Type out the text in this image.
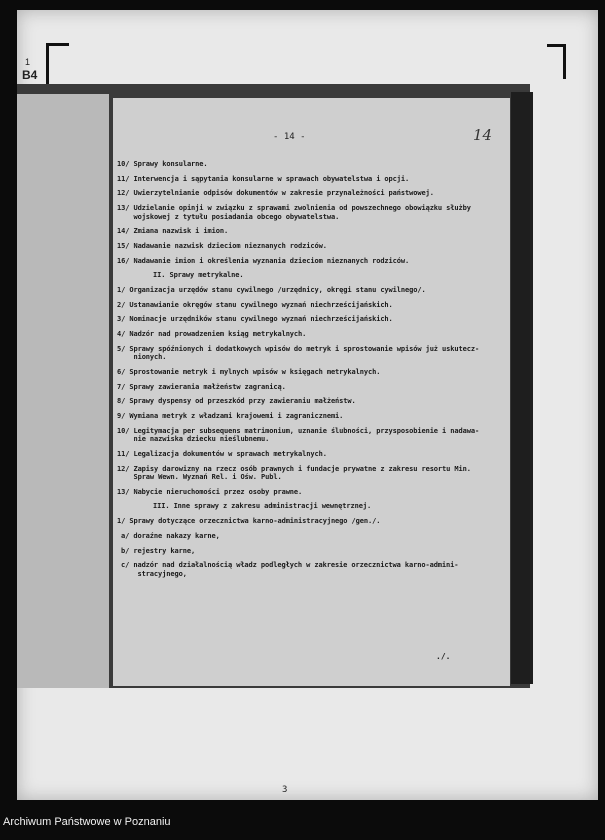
1
B4
- 14 -	14
10/ Sprawy konsularne.
11/ Interwencja i sąpytania konsularne w sprawach obywatelstwa i opcji.
12/ Uwierzytelnianie odpisów dokumentów w zakresie przynależności państwowej.
13/ Udzielanie opinji w związku z sprawami zwolnienia od powszechnego obowiązku służby
wojskowej z tytułu posiadania obcego obywatelstwa.
14/ Zmiana nazwisk i imion.
15/ Nadawanie nazwisk dzieciom nieznanych rodziców.
16/ Nadawanie imion i określenia wyznania dzieciom nieznanych rodziców.
II. Sprawy metrykalne.
1/ Organizacja urzędów stanu cywilnego /urzędnicy, okręgi stanu cywilnego/.
2/ Ustanawianie okręgów stanu cywilnego wyznań niechrześcijańskich.
3/ Nominacje urzędników stanu cywilnego wyznań niechrześcijańskich.
4/ Nadzór nad prowadzeniem ksiąg metrykalnych.
5/ Sprawy spóźnionych i dodatkowych wpisów do metryk i sprostowanie wpisów już uskutecz-
nionych.
6/ Sprostowanie metryk i mylnych wpisów w księgach metrykalnych.
7/ Sprawy zawierania małżeństw zagranicą.
8/ Sprawy dyspensy od przeszkód przy zawieraniu małżeństw.
9/ Wymiana metryk z władzami krajowemi i zagranicznemi.
10/ Legitymacja per subsequens matrimonium, uznanie ślubności, przysposobienie i nadawa-
nie nazwiska dziecku nieślubnemu.
11/ Legalizacja dokumentów w sprawach metrykalnych.
12/ Zapisy darowizny na rzecz osób prawnych i fundacje prywatne z zakresu resortu Min.
Spraw Wewn. Wyznań Rel. i Ośw. Publ.
13/ Nabycie nieruchomości przez osoby prawne.
III. Inne sprawy z zakresu administracji wewnętrznej.
1/ Sprawy dotyczące orzecznictwa karno-administracyjnego /gen./.
a/ doraźne nakazy karne,
b/ rejestry karne,
c/ nadzór nad działalnością władz podległych w zakresie orzecznictwa karno-admini-
stracyjnego,
./.
3
Archiwum Państwowe w Poznaniu
